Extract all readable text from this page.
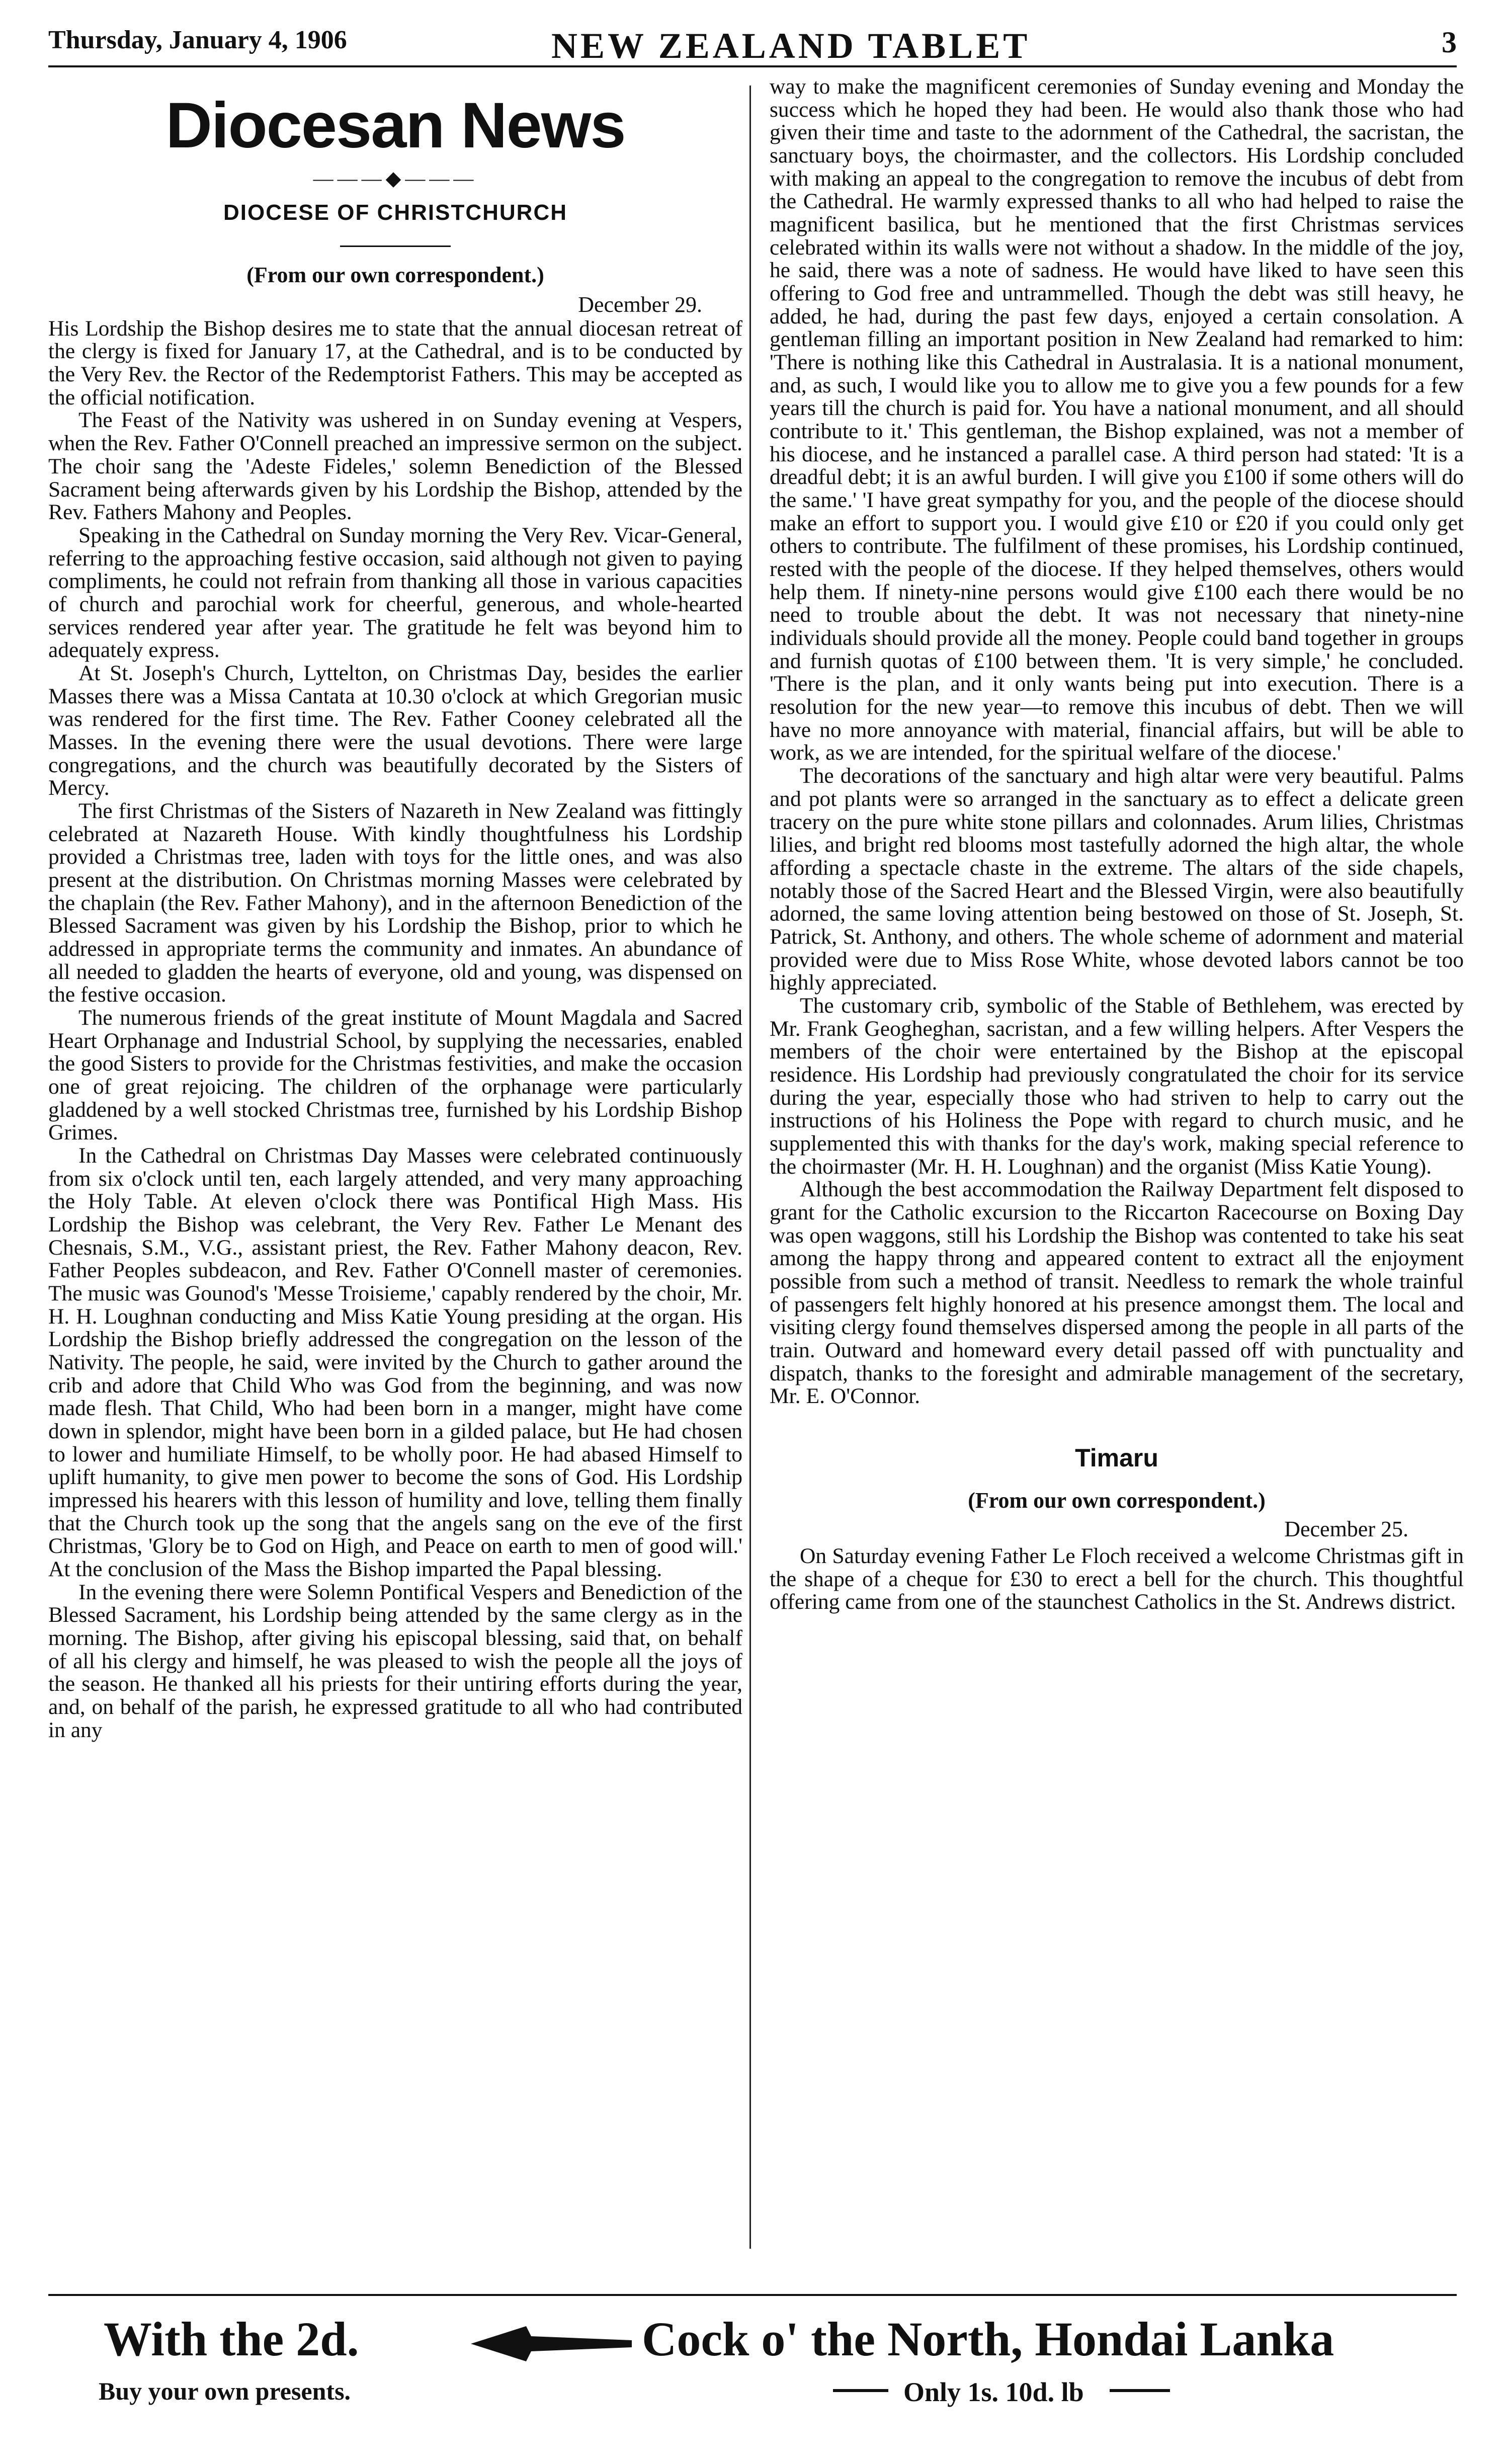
Thursday, January 4, 1906	NEW ZEALAND TABLET	3
Diocesan News
———◆———
DIOCESE OF CHRISTCHURCH
(From our own correspondent.)
December 29.

His Lordship the Bishop desires me to state that the annual diocesan retreat of the clergy is fixed for January 17, at the Cathedral, and is to be conducted by the Very Rev. the Rector of the Redemptorist Fathers. This may be accepted as the official notification.

The Feast of the Nativity was ushered in on Sunday evening at Vespers, when the Rev. Father O'Connell preached an impressive sermon on the subject. The choir sang the 'Adeste Fideles,' solemn Benediction of the Blessed Sacrament being afterwards given by his Lordship the Bishop, attended by the Rev. Fathers Mahony and Peoples.

Speaking in the Cathedral on Sunday morning the Very Rev. Vicar-General, referring to the approaching festive occasion, said although not given to paying compliments, he could not refrain from thanking all those in various capacities of church and parochial work for cheerful, generous, and whole-hearted services rendered year after year. The gratitude he felt was beyond him to adequately express.

At St. Joseph's Church, Lyttelton, on Christmas Day, besides the earlier Masses there was a Missa Cantata at 10.30 o'clock at which Gregorian music was rendered for the first time. The Rev. Father Cooney celebrated all the Masses. In the evening there were the usual devotions. There were large congregations, and the church was beautifully decorated by the Sisters of Mercy.

The first Christmas of the Sisters of Nazareth in New Zealand was fittingly celebrated at Nazareth House. With kindly thoughtfulness his Lordship provided a Christmas tree, laden with toys for the little ones, and was also present at the distribution. On Christmas morning Masses were celebrated by the chaplain (the Rev. Father Mahony), and in the afternoon Benediction of the Blessed Sacrament was given by his Lordship the Bishop, prior to which he addressed in appropriate terms the community and inmates. An abundance of all needed to gladden the hearts of everyone, old and young, was dispensed on the festive occasion.

The numerous friends of the great institute of Mount Magdala and Sacred Heart Orphanage and Industrial School, by supplying the necessaries, enabled the good Sisters to provide for the Christmas festivities, and make the occasion one of great rejoicing. The children of the orphanage were particularly gladdened by a well stocked Christmas tree, furnished by his Lordship Bishop Grimes.

In the Cathedral on Christmas Day Masses were celebrated continuously from six o'clock until ten, each largely attended, and very many approaching the Holy Table. At eleven o'clock there was Pontifical High Mass. His Lordship the Bishop was celebrant, the Very Rev. Father Le Menant des Chesnais, S.M., V.G., assistant priest, the Rev. Father Mahony deacon, Rev. Father Peoples subdeacon, and Rev. Father O'Connell master of ceremonies. The music was Gounod's 'Messe Troisieme,' capably rendered by the choir, Mr. H. H. Loughnan conducting and Miss Katie Young presiding at the organ. His Lordship the Bishop briefly addressed the congregation on the lesson of the Nativity. The people, he said, were invited by the Church to gather around the crib and adore that Child Who was God from the beginning, and was now made flesh. That Child, Who had been born in a manger, might have come down in splendor, might have been born in a gilded palace, but He had chosen to lower and humiliate Himself, to be wholly poor. He had abased Himself to uplift humanity, to give men power to become the sons of God. His Lordship impressed his hearers with this lesson of humility and love, telling them finally that the Church took up the song that the angels sang on the eve of the first Christmas, 'Glory be to God on High, and Peace on earth to men of good will.' At the conclusion of the Mass the Bishop imparted the Papal blessing.

In the evening there were Solemn Pontifical Vespers and Benediction of the Blessed Sacrament, his Lordship being attended by the same clergy as in the morning. The Bishop, after giving his episcopal blessing, said that, on behalf of all his clergy and himself, he was pleased to wish the people all the joys of the season. He thanked all his priests for their untiring efforts during the year, and, on behalf of the parish, he expressed gratitude to all who had contributed in any

way to make the magnificent ceremonies of Sunday evening and Monday the success which he hoped they had been. He would also thank those who had given their time and taste to the adornment of the Cathedral, the sacristan, the sanctuary boys, the choirmaster, and the collectors. His Lordship concluded with making an appeal to the congregation to remove the incubus of debt from the Cathedral. He warmly expressed thanks to all who had helped to raise the magnificent basilica, but he mentioned that the first Christmas services celebrated within its walls were not without a shadow. In the middle of the joy, he said, there was a note of sadness. He would have liked to have seen this offering to God free and untrammelled. Though the debt was still heavy, he added, he had, during the past few days, enjoyed a certain consolation. A gentleman filling an important position in New Zealand had remarked to him: 'There is nothing like this Cathedral in Australasia. It is a national monument, and, as such, I would like you to allow me to give you a few pounds for a few years till the church is paid for. You have a national monument, and all should contribute to it.' This gentleman, the Bishop explained, was not a member of his diocese, and he instanced a parallel case. A third person had stated: 'It is a dreadful debt; it is an awful burden. I will give you £100 if some others will do the same.' 'I have great sympathy for you, and the people of the diocese should make an effort to support you. I would give £10 or £20 if you could only get others to contribute. The fulfilment of these promises, his Lordship continued, rested with the people of the diocese. If they helped themselves, others would help them. If ninety-nine persons would give £100 each there would be no need to trouble about the debt. It was not necessary that ninety-nine individuals should provide all the money. People could band together in groups and furnish quotas of £100 between them. 'It is very simple,' he concluded. 'There is the plan, and it only wants being put into execution. There is a resolution for the new year—to remove this incubus of debt. Then we will have no more annoyance with material, financial affairs, but will be able to work, as we are intended, for the spiritual welfare of the diocese.'

The decorations of the sanctuary and high altar were very beautiful. Palms and pot plants were so arranged in the sanctuary as to effect a delicate green tracery on the pure white stone pillars and colonnades. Arum lilies, Christmas lilies, and bright red blooms most tastefully adorned the high altar, the whole affording a spectacle chaste in the extreme. The altars of the side chapels, notably those of the Sacred Heart and the Blessed Virgin, were also beautifully adorned, the same loving attention being bestowed on those of St. Joseph, St. Patrick, St. Anthony, and others. The whole scheme of adornment and material provided were due to Miss Rose White, whose devoted labors cannot be too highly appreciated.

The customary crib, symbolic of the Stable of Bethlehem, was erected by Mr. Frank Geogheghan, sacristan, and a few willing helpers. After Vespers the members of the choir were entertained by the Bishop at the episcopal residence. His Lordship had previously congratulated the choir for its service during the year, especially those who had striven to help to carry out the instructions of his Holiness the Pope with regard to church music, and he supplemented this with thanks for the day's work, making special reference to the choirmaster (Mr. H. H. Loughnan) and the organist (Miss Katie Young).

Although the best accommodation the Railway Department felt disposed to grant for the Catholic excursion to the Riccarton Racecourse on Boxing Day was open waggons, still his Lordship the Bishop was contented to take his seat among the happy throng and appeared content to extract all the enjoyment possible from such a method of transit. Needless to remark the whole trainful of passengers felt highly honored at his presence amongst them. The local and visiting clergy found themselves dispersed among the people in all parts of the train. Outward and homeward every detail passed off with punctuality and dispatch, thanks to the foresight and admirable management of the secretary, Mr. E. O'Connor.

Timaru
(From our own correspondent.)
December 25.

On Saturday evening Father Le Floch received a welcome Christmas gift in the shape of a cheque for £30 to erect a bell for the church. This thoughtful offering came from one of the staunchest Catholics in the St. Andrews district.

With the 2d.
Buy your own presents.
Cock o' the North, Hondai Lanka
Only 1s. 10d. lb
